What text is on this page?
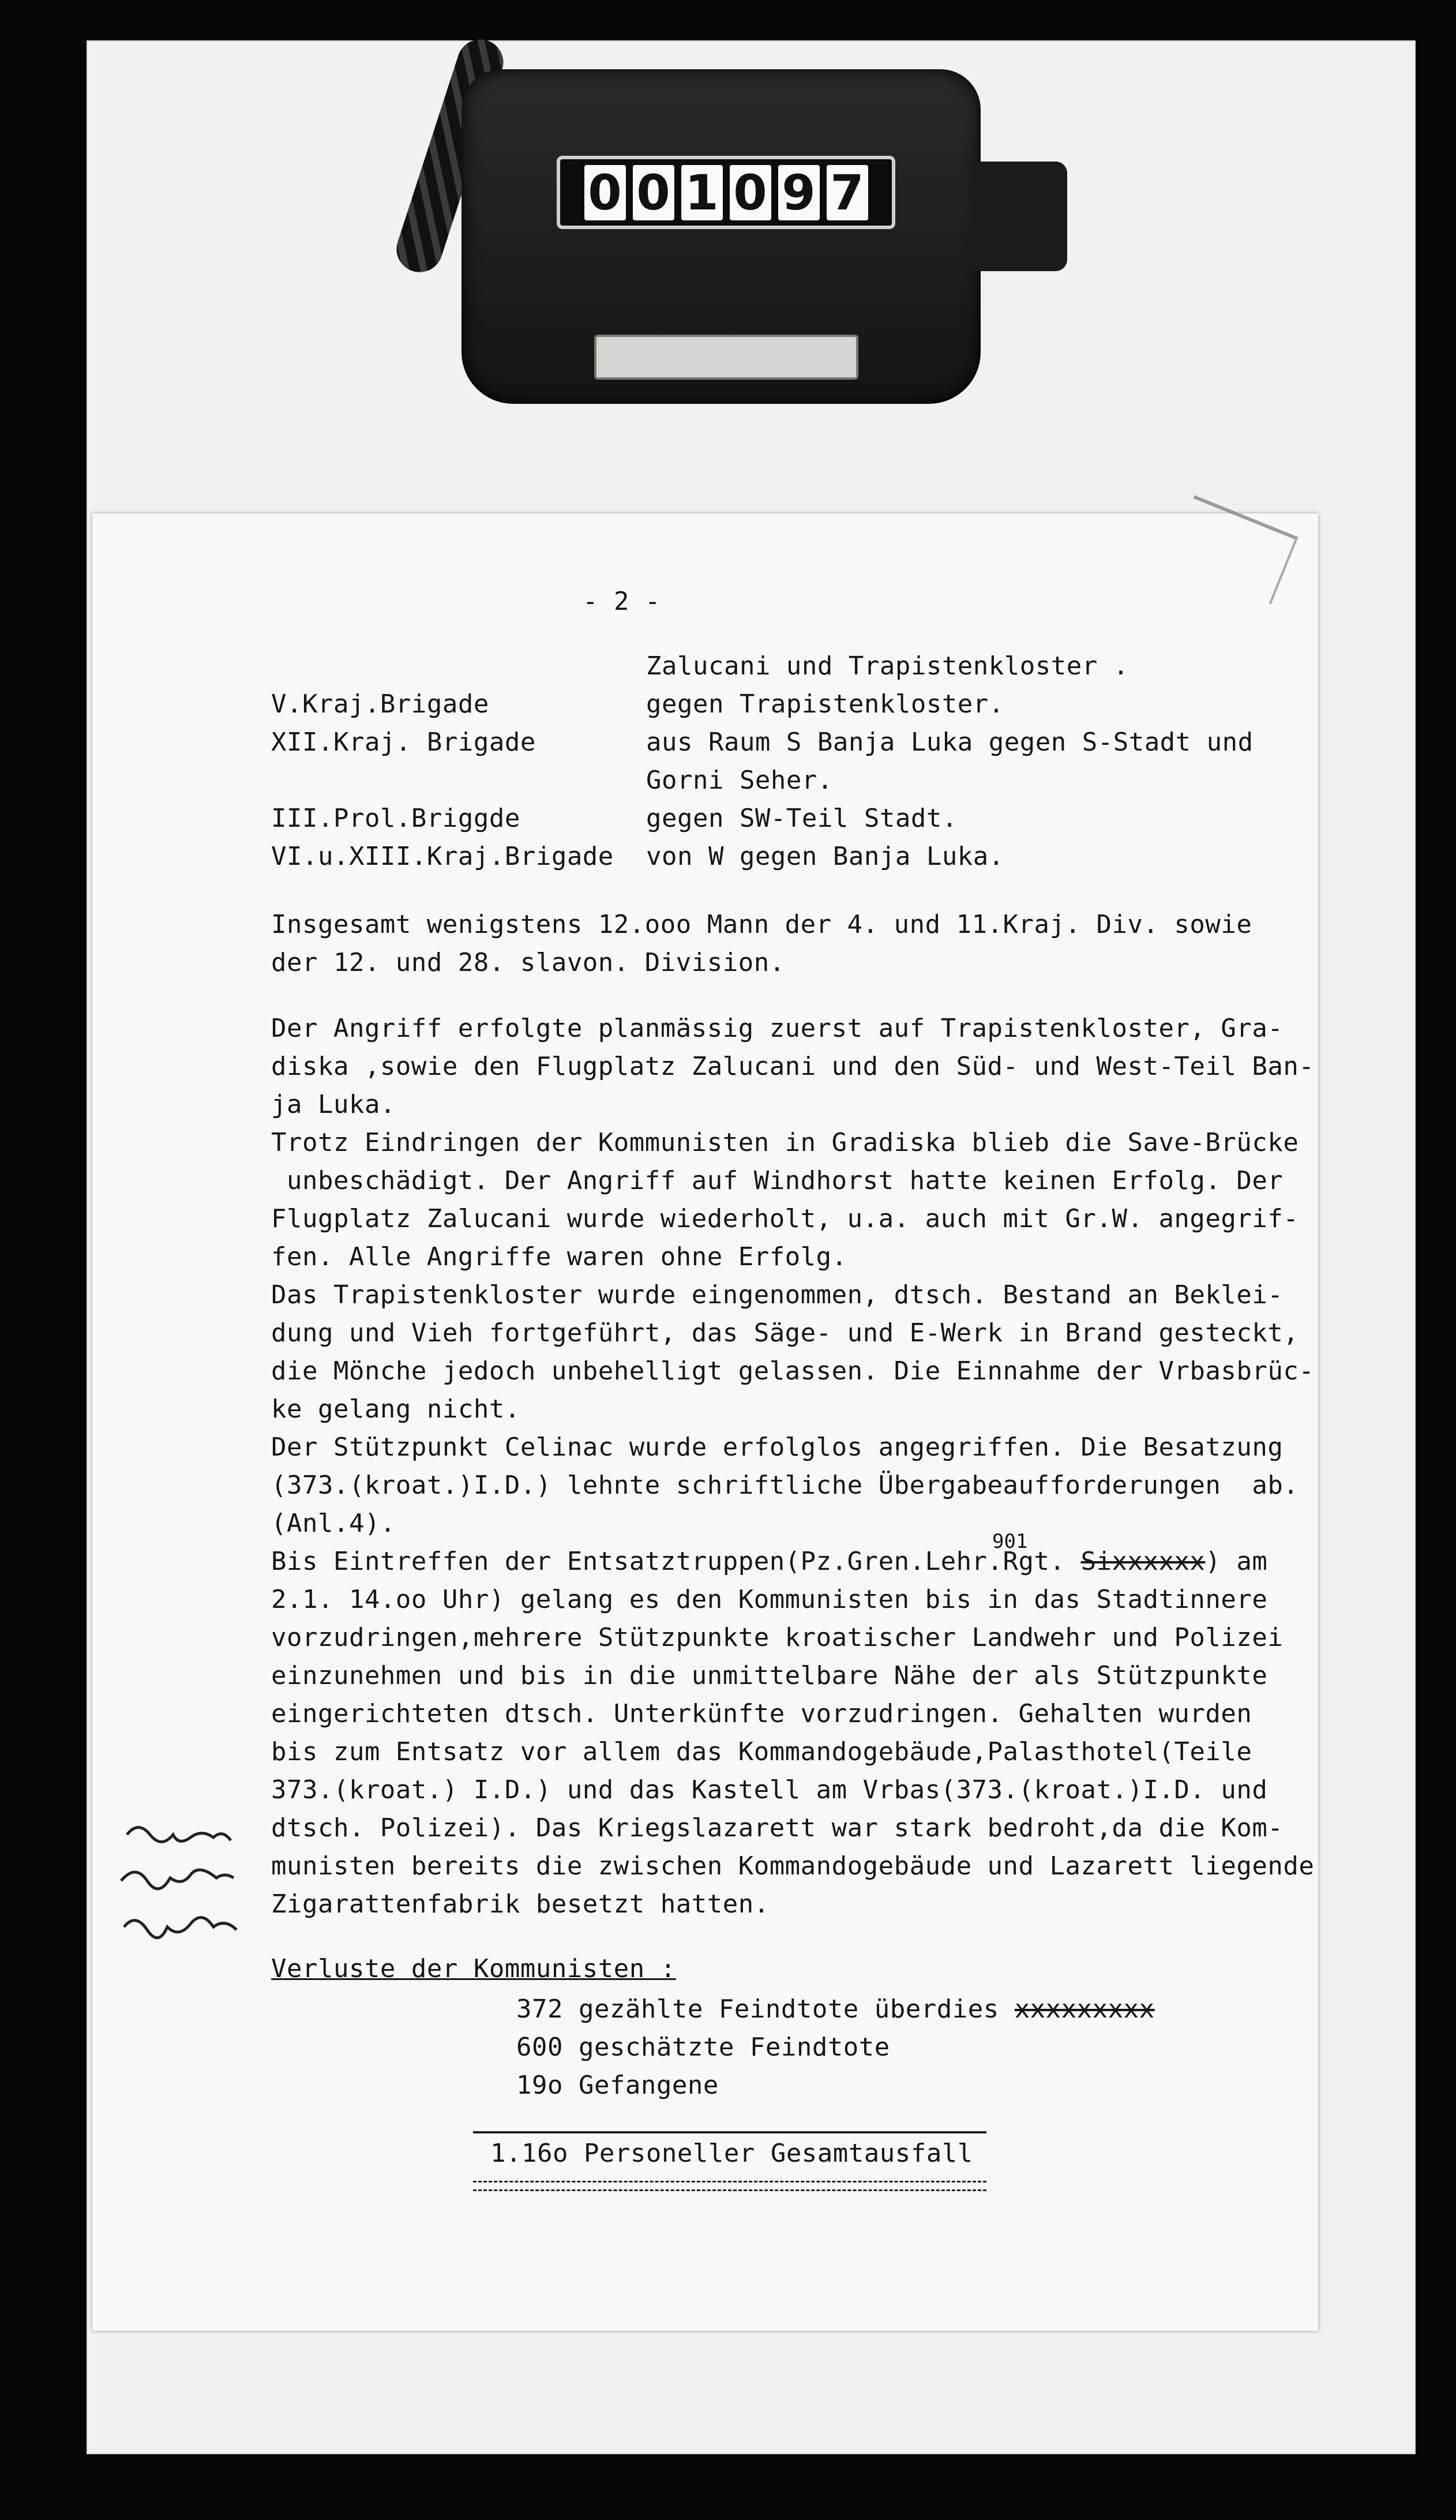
0 0 1 0 9 7
- 2 -
Zalucani und Trapistenkloster .
V.Kraj.Brigade	gegen Trapistenkloster.
XII.Kraj. Brigade	aus Raum S Banja Luka gegen S-Stadt und
Gorni Seher.
III.Prol.Briggde	gegen SW-Teil Stadt.
VI.u.XIII.Kraj.Brigade von W gegen Banja Luka.
Insgesamt wenigstens 12.ooo Mann der 4. und 11.Kraj. Div. sowie
der 12. und 28. slavon. Division.
Der Angriff erfolgte planmässig zuerst auf Trapistenkloster, Gra-
diska ,sowie den Flugplatz Zalucani und den Süd- und West-Teil Ban-
ja Luka.
Trotz Eindringen der Kommunisten in Gradiska blieb die Save-Brücke
unbeschädigt. Der Angriff auf Windhorst hatte keinen Erfolg. Der
Flugplatz Zalucani wurde wiederholt, u.a. auch mit Gr.W. angegrif-
fen. Alle Angriffe waren ohne Erfolg.
Das Trapistenkloster wurde eingenommen, dtsch. Bestand an Beklei-
dung und Vieh fortgeführt, das Säge- und E-Werk in Brand gesteckt,
die Mönche jedoch unbehelligt gelassen. Die Einnahme der Vrbasbrüc-
ke gelang nicht.
Der Stützpunkt Celinac wurde erfolglos angegriffen. Die Besatzung
(373.(kroat.)I.D.) lehnte schriftliche Übergabeaufforderungen  ab.
(Anl.4).
901
Bis Eintreffen der Entsatztruppen(Pz.Gren.Lehr.Rgt. Sixxxxxx) am
2.1. 14.oo Uhr) gelang es den Kommunisten bis in das Stadtinnere
vorzudringen,mehrere Stützpunkte kroatischer Landwehr und Polizei
einzunehmen und bis in die unmittelbare Nähe der als Stützpunkte
eingerichteten dtsch. Unterkünfte vorzudringen. Gehalten wurden
bis zum Entsatz vor allem das Kommandogebäude,Palasthotel(Teile
373.(kroat.) I.D.) und das Kastell am Vrbas(373.(kroat.)I.D. und
dtsch. Polizei). Das Kriegslazarett war stark bedroht,da die Kom-
munisten bereits die zwischen Kommandogebäude und Lazarett liegende
Zigarattenfabrik besetzt hatten.
Verluste der Kommunisten :
372 gezählte Feindtote überdies xxxxxxxxx
600 geschätzte Feindtote
19o Gefangene
1.16o Personeller Gesamtausfall
